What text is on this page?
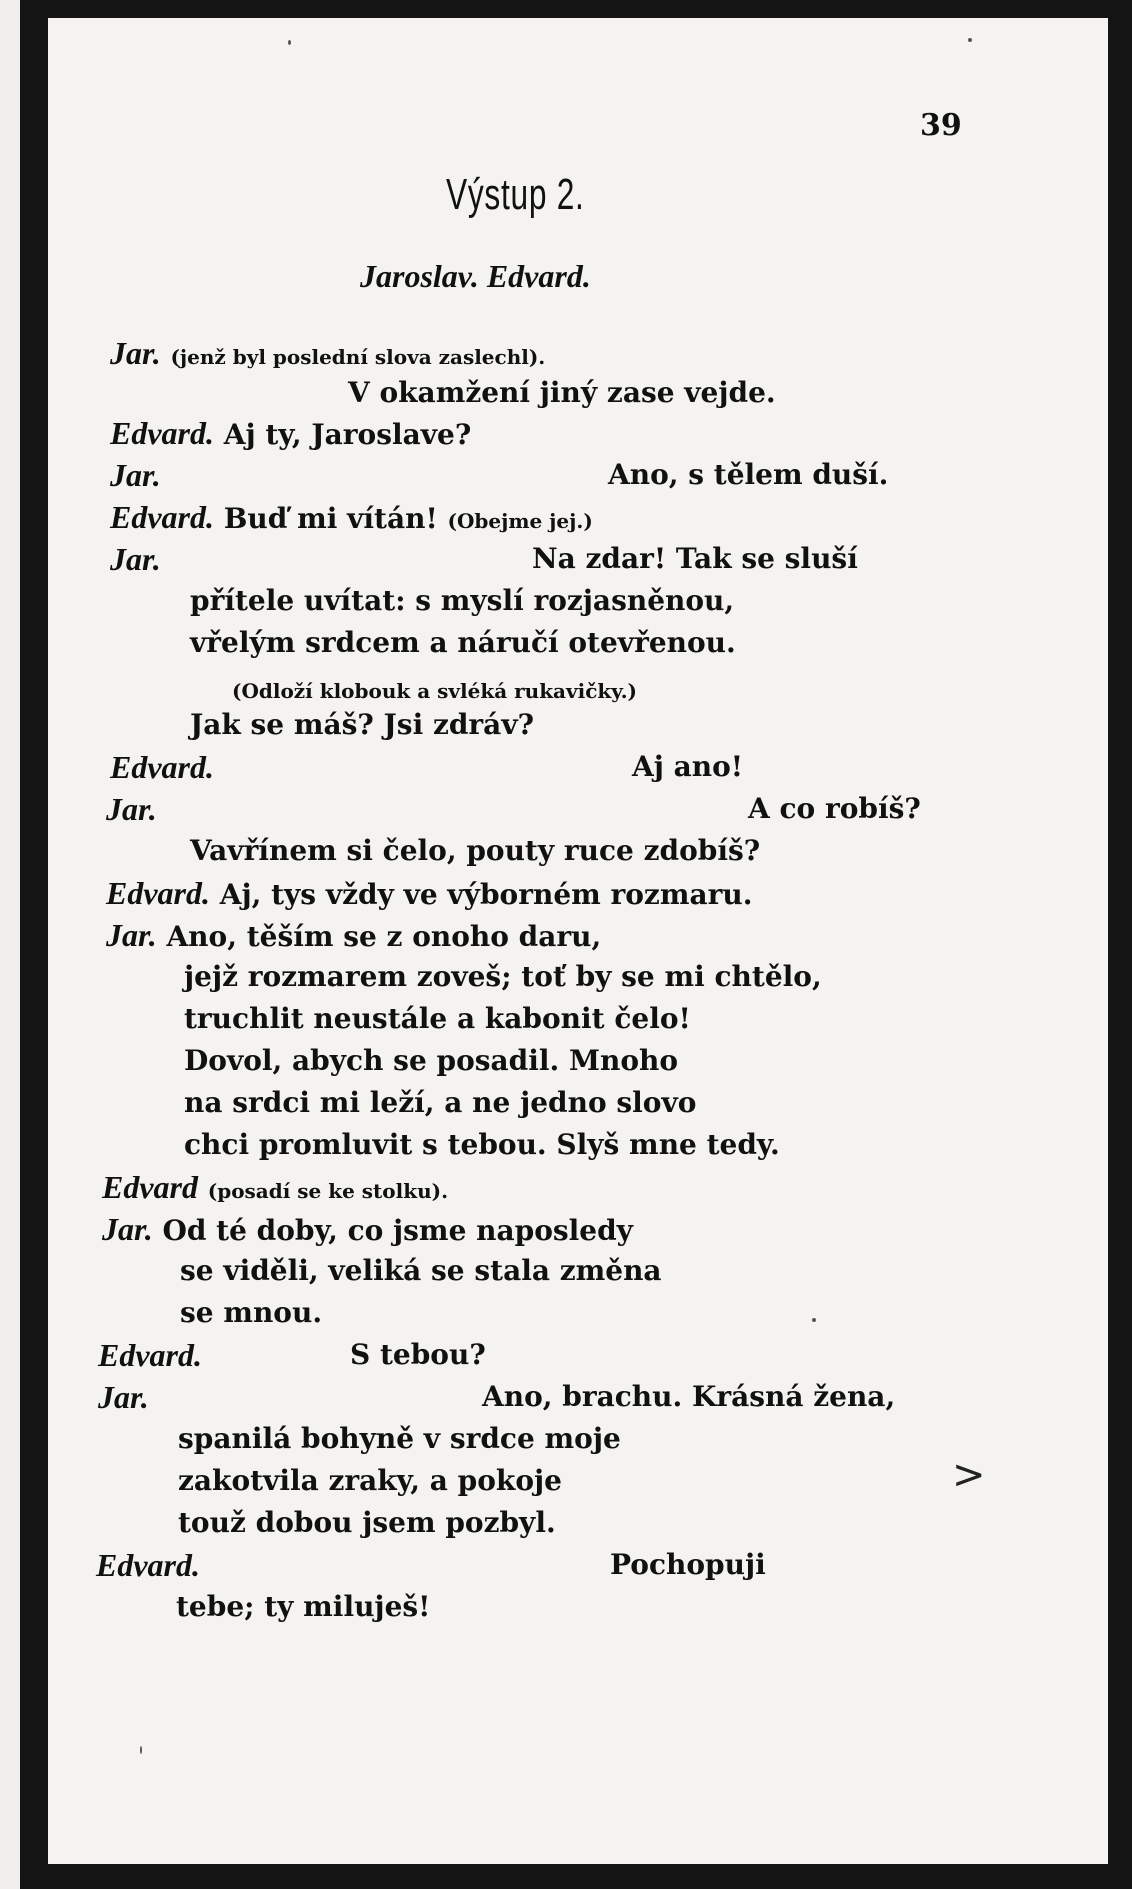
39
Výstup 2.
Jaroslav. Edvard.
Jar. (jenž byl poslední slova zaslechl).
V okamžení jiný zase vejde.
Edvard. Aj ty, Jaroslave?
Jar.	Ano, s tělem duší.
Edvard. Buď mi vítán! (Obejme jej.)
Jar.	Na zdar! Tak se sluší
přítele uvítat: s myslí rozjasněnou,
vřelým srdcem a náručí otevřenou.
(Odloží klobouk a svléká rukavičky.)
Jak se máš? Jsi zdráv?
Edvard.	Aj ano!
Jar.	A co robíš?
Vavřínem si čelo, pouty ruce zdobíš?
Edvard. Aj, tys vždy ve výborném rozmaru.
Jar. Ano, těším se z onoho daru,
jejž rozmarem zoveš; toť by se mi chtělo,
truchlit neustále a kabonit čelo!
Dovol, abych se posadil. Mnoho
na srdci mi leží, a ne jedno slovo
chci promluvit s tebou. Slyš mne tedy.
Edvard (posadí se ke stolku).
Jar. Od té doby, co jsme naposledy
se viděli, veliká se stala změna
se mnou.
Edvard.	S tebou?
Jar.	Ano, brachu. Krásná žena,
spanilá bohyně v srdce moje
zakotvila zraky, a pokoje
touž dobou jsem pozbyl.
Edvard.	Pochopuji
tebe; ty miluješ!
>
